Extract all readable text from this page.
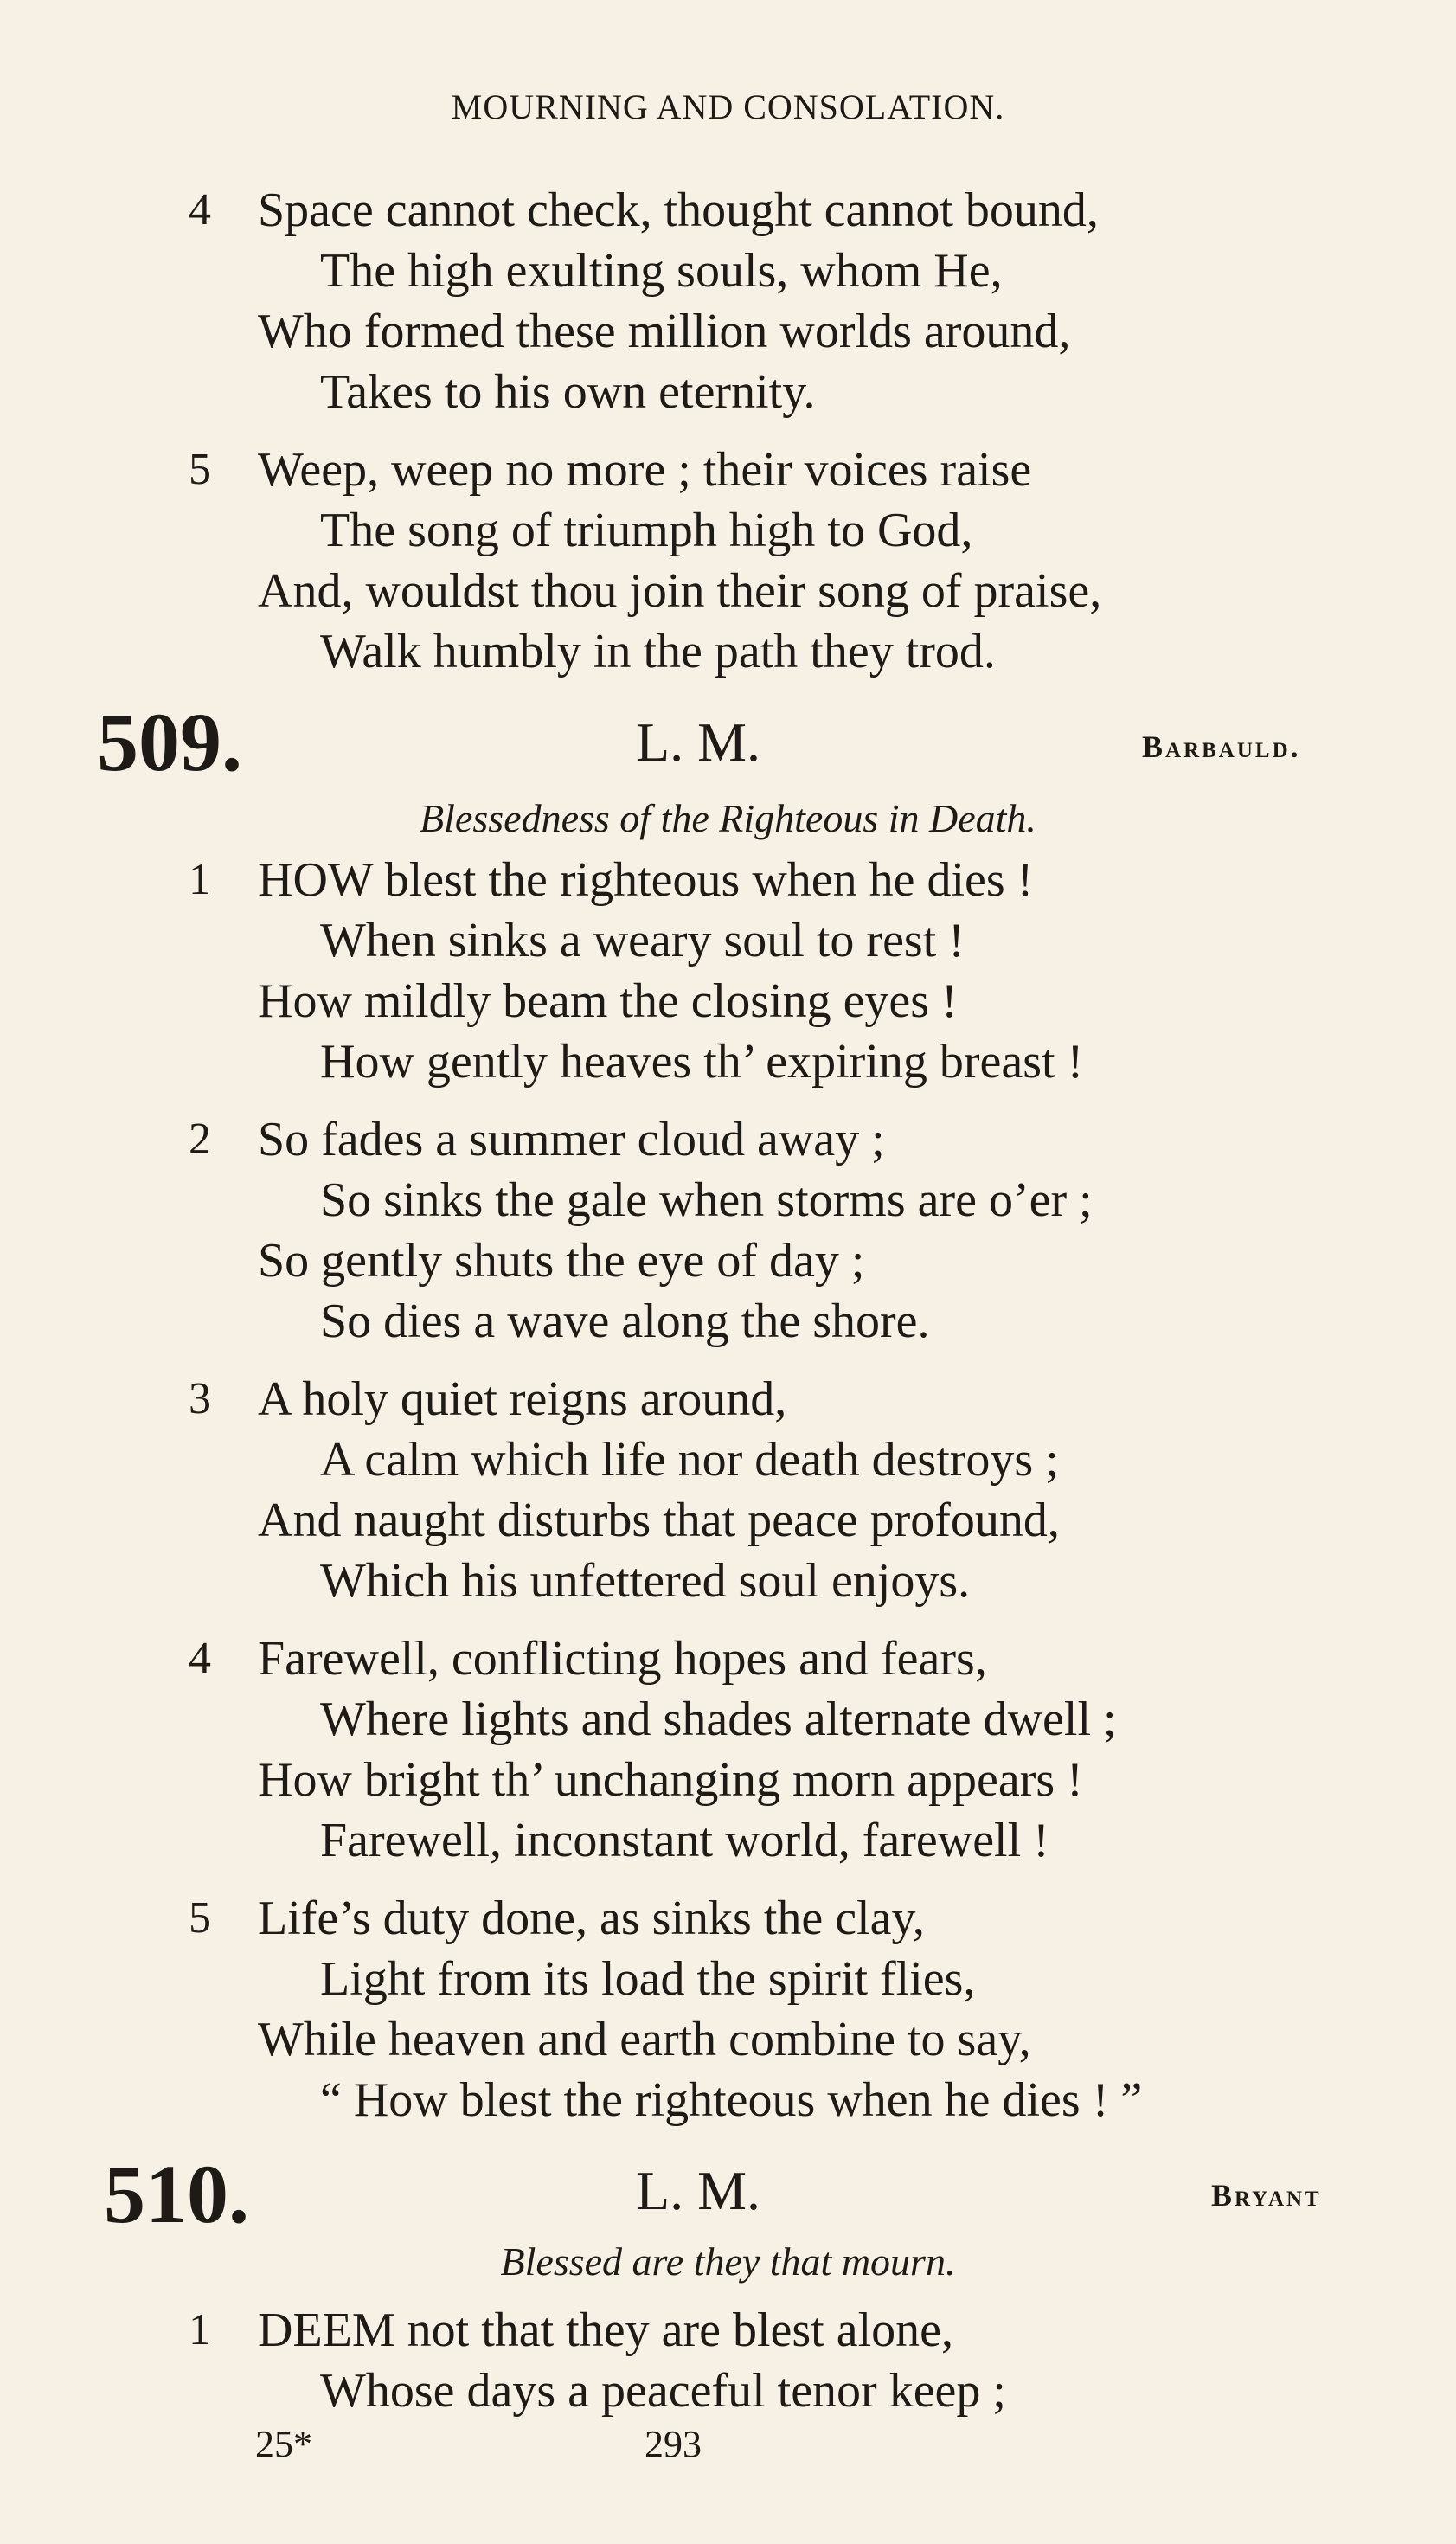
MOURNING AND CONSOLATION.
4 Space cannot check, thought cannot bound,
The high exulting souls, whom He,
Who formed these million worlds around,
Takes to his own eternity.
5 Weep, weep no more ; their voices raise
The song of triumph high to God,
And, wouldst thou join their song of praise,
Walk humbly in the path they trod.
509.	L. M.	Barbauld.
Blessedness of the Righteous in Death.
1 HOW blest the righteous when he dies !
When sinks a weary soul to rest !
How mildly beam the closing eyes !
How gently heaves th’ expiring breast !
2 So fades a summer cloud away ;
So sinks the gale when storms are o’er ;
So gently shuts the eye of day ;
So dies a wave along the shore.
3 A holy quiet reigns around,
A calm which life nor death destroys ;
And naught disturbs that peace profound,
Which his unfettered soul enjoys.
4 Farewell, conflicting hopes and fears,
Where lights and shades alternate dwell ;
How bright th’ unchanging morn appears !
Farewell, inconstant world, farewell !
5 Life’s duty done, as sinks the clay,
Light from its load the spirit flies,
While heaven and earth combine to say,
“ How blest the righteous when he dies ! ”
510.	L. M.	Bryant
Blessed are they that mourn.
1 DEEM not that they are blest alone,
Whose days a peaceful tenor keep ;
25*	293
